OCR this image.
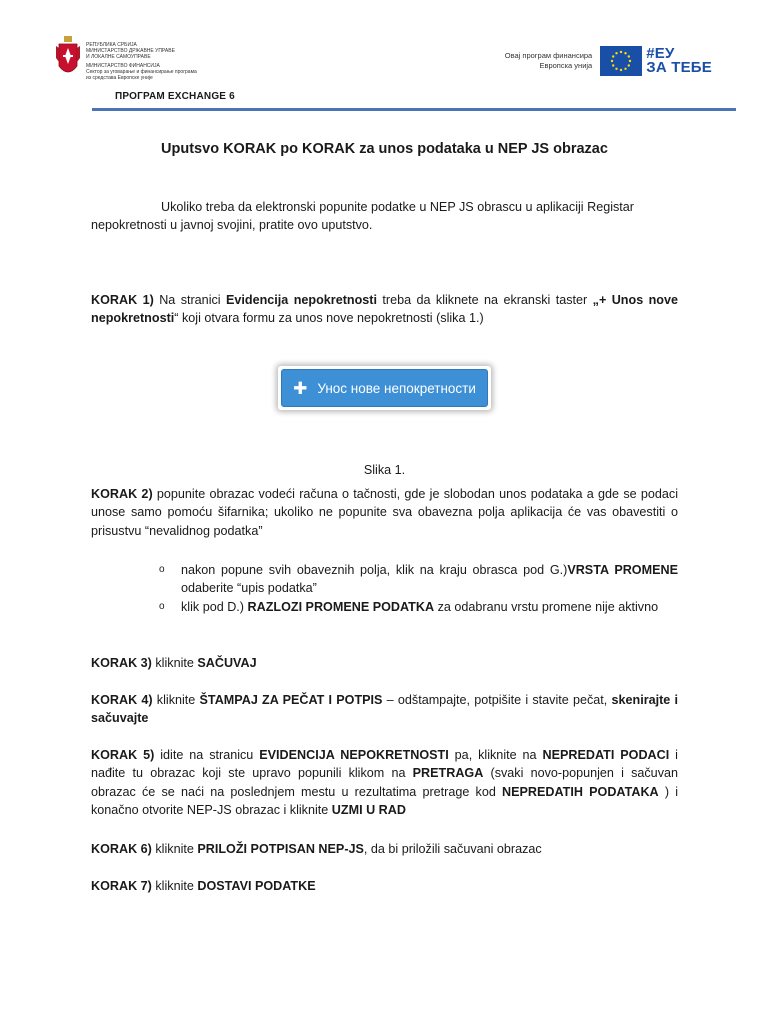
РЕПУБЛИКА СРБИЈА
МИНИСТАРСТВО ДРЖАВНЕ УПРАВЕ
И ЛОКАЛНЕ САМОУПРАВЕ
МИНИСТАРСТВО ФИНАНСИЈА
Сектор за уговарање и финансирање програма
из средстава Европске уније
Овај програм финансира
Европска унија
#ЕУ
ЗА ТЕБЕ
ПРОГРАМ EXCHANGE 6
Uputsvo KORAK po KORAK za unos podataka u NEP JS obrazac

Ukoliko treba da elektronski popunite podatke u NEP JS obrascu u aplikaciji Registar nepokretnosti u javnoj svojini, pratite ovo uputstvo.

KORAK 1) Na stranici Evidencija nepokretnosti treba da kliknete na ekranski taster „+ Unos nove nepokretnosti“ koji otvara formu za unos nove nepokretnosti (slika 1.)

Slika 1.

KORAK 2) popunite obrazac vodeći računa o tačnosti, gde je slobodan unos podataka a gde se podaci unose samo pomoću šifarnika; ukoliko ne popunite sva obavezna polja aplikacija će vas obavestiti o prisustvu “nevalidnog podatka”

o nakon popune svih obaveznih polja, klik na kraju obrasca pod G.)VRSTA PROMENE odaberite “upis podatka”
o klik pod D.) RAZLOZI PROMENE PODATKA za odabranu vrstu promene nije aktivno

KORAK 3) kliknite SAČUVAJ

KORAK 4) kliknite ŠTAMPAJ ZA PEČAT I POTPIS – odštampajte, potpišite i stavite pečat, skenirajte i sačuvajte

KORAK 5) idite na stranicu EVIDENCIJA NEPOKRETNOSTI pa, kliknite na NEPREDATI PODACI i nađite tu obrazac koji ste upravo popunili klikom na PRETRAGA (svaki novo-popunjen i sačuvan obrazac će se naći na poslednjem mestu u rezultatima pretrage kod NEPREDATIH PODATAKA ) i konačno otvorite NEP-JS obrazac i kliknite UZMI U RAD

KORAK 6) kliknite PRILOŽI POTPISAN NEP-JS, da bi priložili sačuvani obrazac

KORAK 7) kliknite DOSTAVI PODATKE

✚ Унос нове непокретности
